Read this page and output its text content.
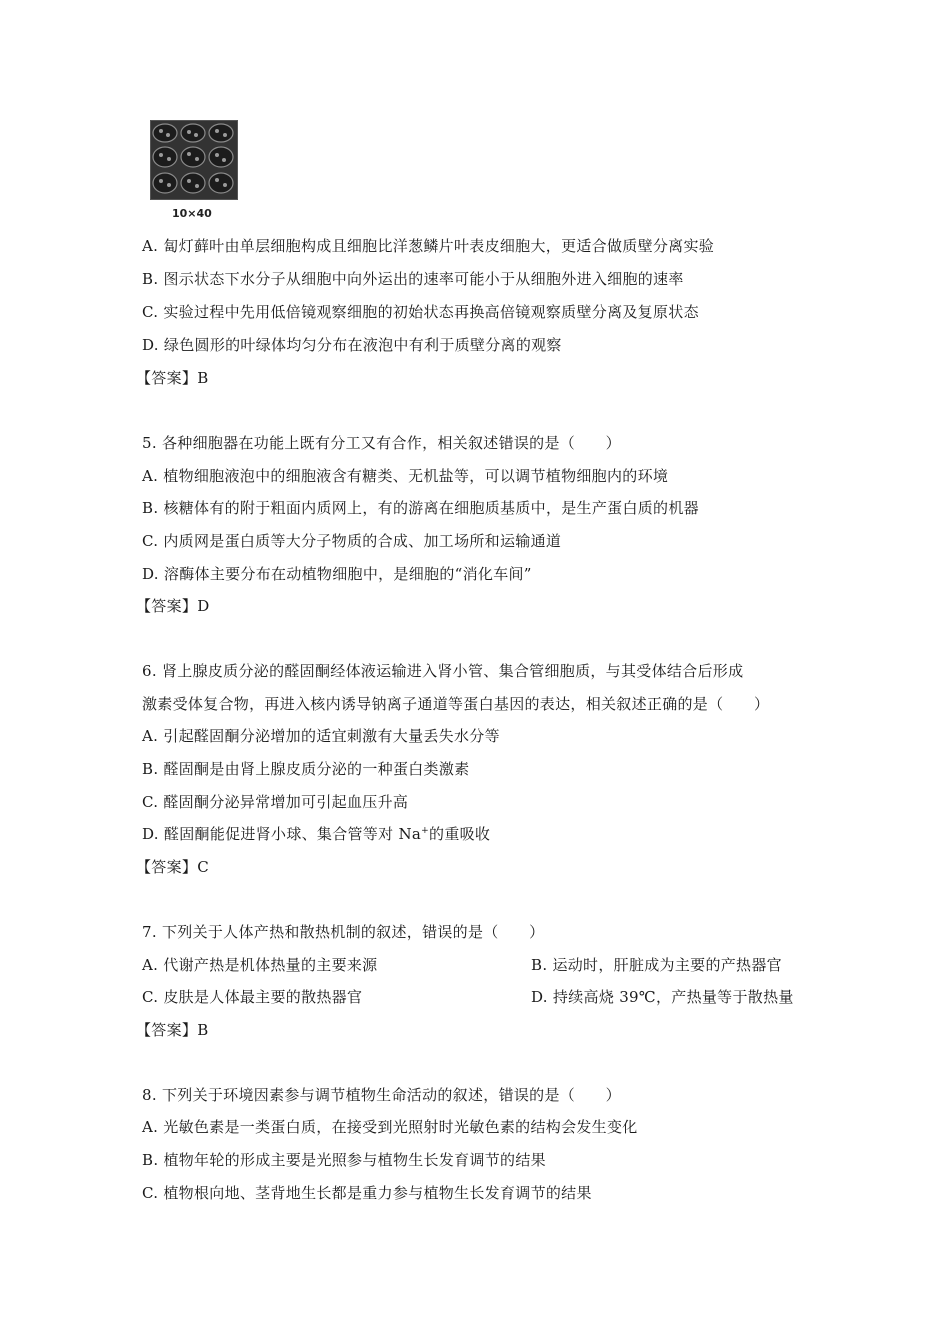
10×40
A. 匐灯藓叶由单层细胞构成且细胞比洋葱鳞片叶表皮细胞大，更适合做质壁分离实验
B. 图示状态下水分子从细胞中向外运出的速率可能小于从细胞外进入细胞的速率
C. 实验过程中先用低倍镜观察细胞的初始状态再换高倍镜观察质壁分离及复原状态
D. 绿色圆形的叶绿体均匀分布在液泡中有利于质壁分离的观察
【答案】B
5. 各种细胞器在功能上既有分工又有合作，相关叙述错误的是（　　）
A. 植物细胞液泡中的细胞液含有糖类、无机盐等，可以调节植物细胞内的环境
B. 核糖体有的附于粗面内质网上，有的游离在细胞质基质中，是生产蛋白质的机器
C. 内质网是蛋白质等大分子物质的合成、加工场所和运输通道
D. 溶酶体主要分布在动植物细胞中，是细胞的“消化车间”
【答案】D
6. 肾上腺皮质分泌的醛固酮经体液运输进入肾小管、集合管细胞质，与其受体结合后形成
激素受体复合物，再进入核内诱导钠离子通道等蛋白基因的表达，相关叙述正确的是（　　）
A. 引起醛固酮分泌增加的适宜刺激有大量丢失水分等
B. 醛固酮是由肾上腺皮质分泌的一种蛋白类激素
C. 醛固酮分泌异常增加可引起血压升高
D. 醛固酮能促进肾小球、集合管等对 Na+的重吸收
【答案】C
7. 下列关于人体产热和散热机制的叙述，错误的是（　　）
A. 代谢产热是机体热量的主要来源	B. 运动时，肝脏成为主要的产热器官
C. 皮肤是人体最主要的散热器官	D. 持续高烧 39℃，产热量等于散热量
【答案】B
8. 下列关于环境因素参与调节植物生命活动的叙述，错误的是（　　）
A. 光敏色素是一类蛋白质，在接受到光照射时光敏色素的结构会发生变化
B. 植物年轮的形成主要是光照参与植物生长发育调节的结果
C. 植物根向地、茎背地生长都是重力参与植物生长发育调节的结果
